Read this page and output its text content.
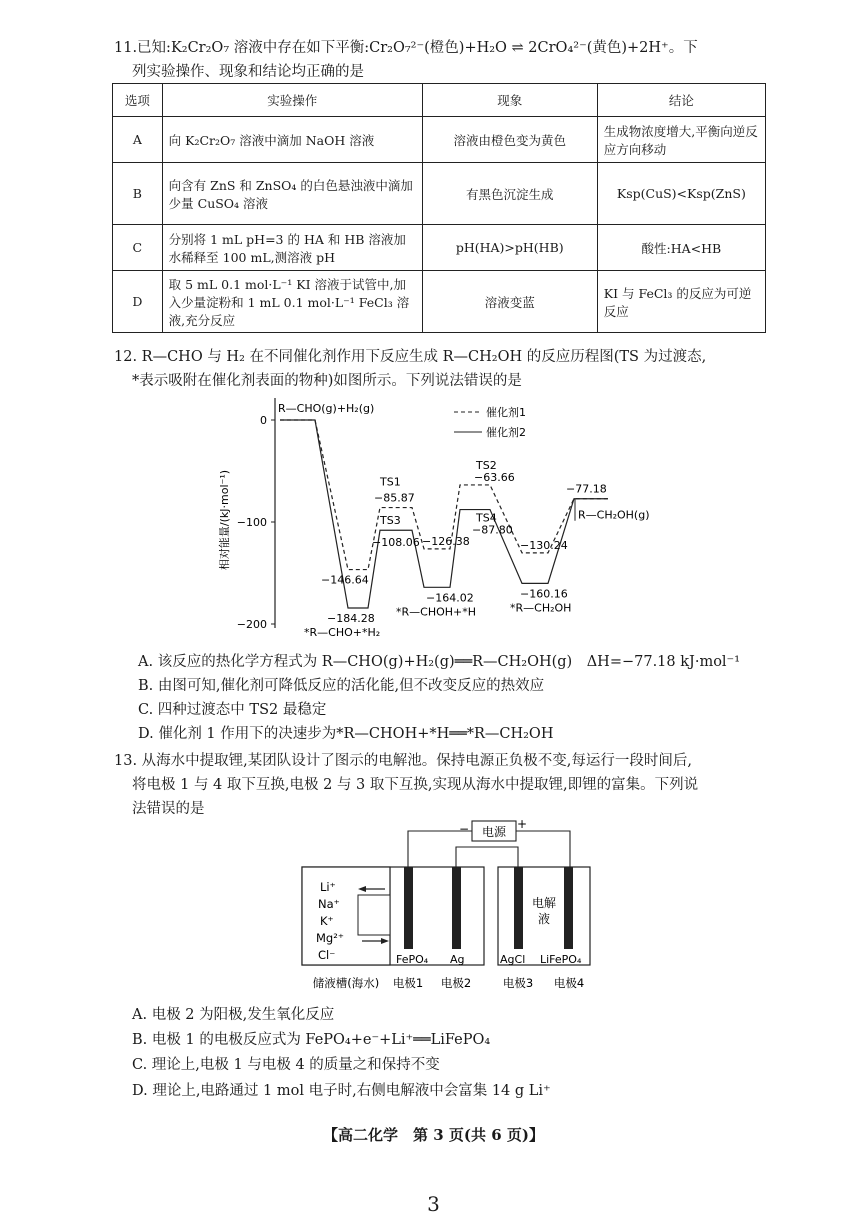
11.已知:K₂Cr₂O₇ 溶液中存在如下平衡:Cr₂O₇²⁻(橙色)+H₂O ⇌ 2CrO₄²⁻(黄色)+2H⁺。下
列实验操作、现象和结论均正确的是
选项	实验操作	现象	结论
A	向 K₂Cr₂O₇ 溶液中滴加 NaOH 溶液	溶液由橙色变为黄色	生成物浓度增大,平衡向逆反应方向移动
B	向含有 ZnS 和 ZnSO₄ 的白色悬浊液中滴加少量 CuSO₄ 溶液	有黑色沉淀生成	Ksp(CuS)<Ksp(ZnS)
C	分别将 1 mL pH=3 的 HA 和 HB 溶液加水稀释至 100 mL,测溶液 pH	pH(HA)>pH(HB)	酸性:HA<HB
D	取 5 mL 0.1 mol·L⁻¹ KI 溶液于试管中,加入少量淀粉和 1 mL 0.1 mol·L⁻¹ FeCl₃ 溶液,充分反应	溶液变蓝	KI 与 FeCl₃ 的反应为可逆反应
12. R—CHO 与 H₂ 在不同催化剂作用下反应生成 R—CH₂OH 的反应历程图(TS 为过渡态,
*表示吸附在催化剂表面的物种)如图所示。下列说法错误的是
0
−100
−200
相对能量/(kJ·mol⁻¹)
催化剂1
催化剂2
R—CHO(g)+H₂(g)
R—CH₂OH(g)
TS1
TS2
TS3	TS4
−146.64
−85.87
−126.38
−63.66
−130.24
−77.18
−184.28
−108.06
−164.02
−87.80
−160.16
*R—CHO+*H₂
*R—CHOH+*H	*R—CH₂OH
A. 该反应的热化学方程式为 R—CHO(g)+H₂(g)══R—CH₂OH(g)　ΔH=−77.18 kJ·mol⁻¹
B. 由图可知,催化剂可降低反应的活化能,但不改变反应的热效应
C. 四种过渡态中 TS2 最稳定
D. 催化剂 1 作用下的决速步为*R—CHOH+*H══*R—CH₂OH
13. 从海水中提取锂,某团队设计了图示的电解池。保持电源正负极不变,每运行一段时间后,
将电极 1 与 4 取下互换,电极 2 与 3 取下互换,实现从海水中提取锂,即锂的富集。下列说
法错误的是
电源
−	+
Li⁺
Na⁺
K⁺
Mg²⁺
Cl⁻	FePO₄ Ag
电解
液
AgCl LiFePO₄
储液槽(海水) 电极1 电极2	电极3 电极4
A. 电极 2 为阳极,发生氧化反应
B. 电极 1 的电极反应式为 FePO₄+e⁻+Li⁺══LiFePO₄
C. 理论上,电极 1 与电极 4 的质量之和保持不变
D. 理论上,电路通过 1 mol 电子时,右侧电解液中会富集 14 g Li⁺
【高二化学　第 3 页(共 6 页)】
3
